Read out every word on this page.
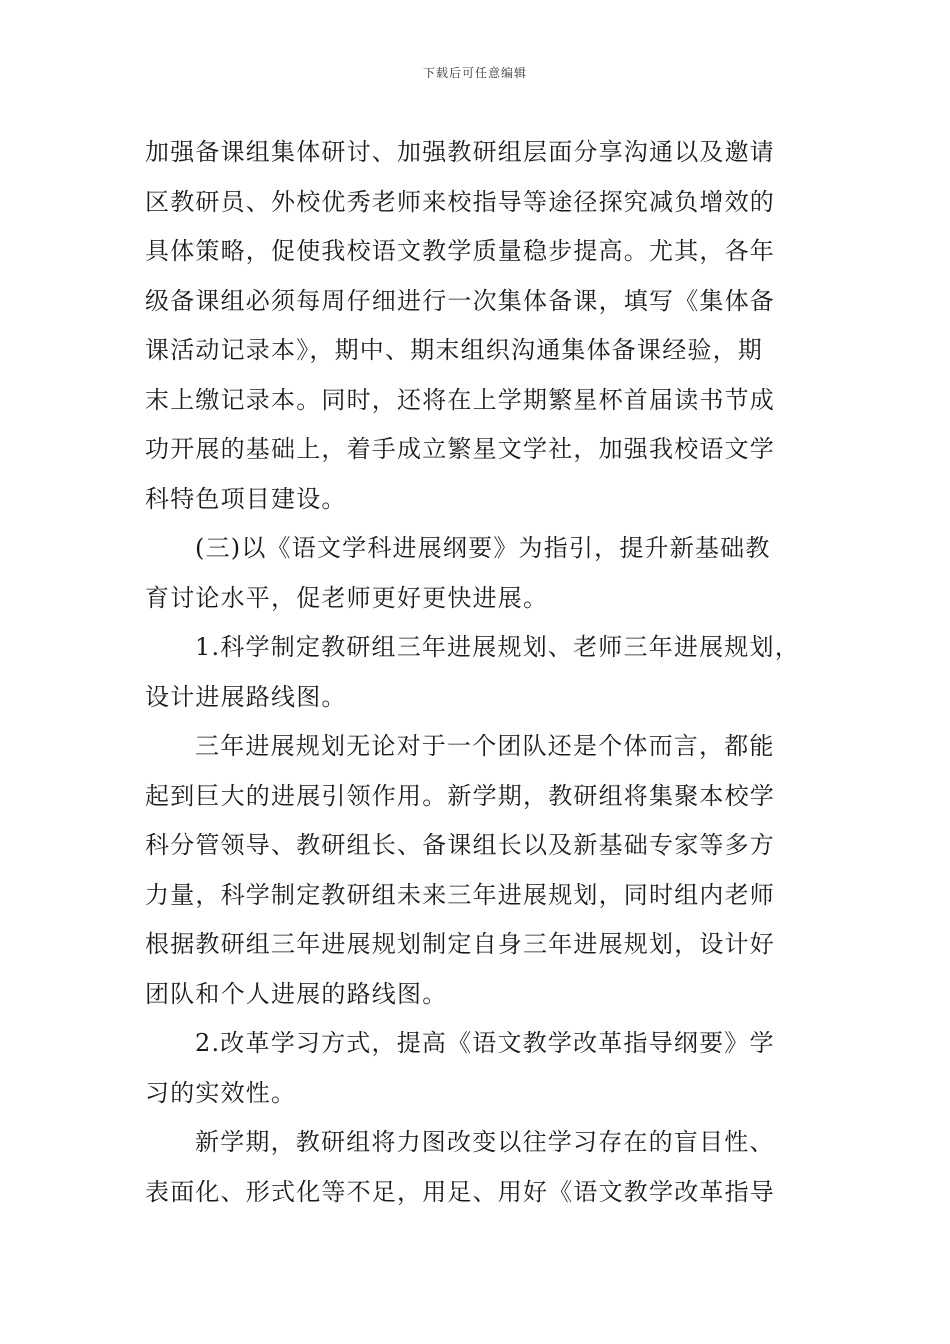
下载后可任意编辑
加强备课组集体研讨、加强教研组层面分享沟通以及邀请
区教研员、外校优秀老师来校指导等途径探究减负增效的
具体策略，促使我校语文教学质量稳步提高。尤其，各年
级备课组必须每周仔细进行一次集体备课，填写《集体备
课活动记录本》，期中、期末组织沟通集体备课经验，期
末上缴记录本。同时，还将在上学期繁星杯首届读书节成
功开展的基础上，着手成立繁星文学社，加强我校语文学
科特色项目建设。
(三)以《语文学科进展纲要》为指引，提升新基础教
育讨论水平，促老师更好更快进展。
1.科学制定教研组三年进展规划、老师三年进展规划，
设计进展路线图。
三年进展规划无论对于一个团队还是个体而言，都能
起到巨大的进展引领作用。新学期，教研组将集聚本校学
科分管领导、教研组长、备课组长以及新基础专家等多方
力量，科学制定教研组未来三年进展规划，同时组内老师
根据教研组三年进展规划制定自身三年进展规划，设计好
团队和个人进展的路线图。
2.改革学习方式，提高《语文教学改革指导纲要》学
习的实效性。
新学期，教研组将力图改变以往学习存在的盲目性、
表面化、形式化等不足，用足、用好《语文教学改革指导
